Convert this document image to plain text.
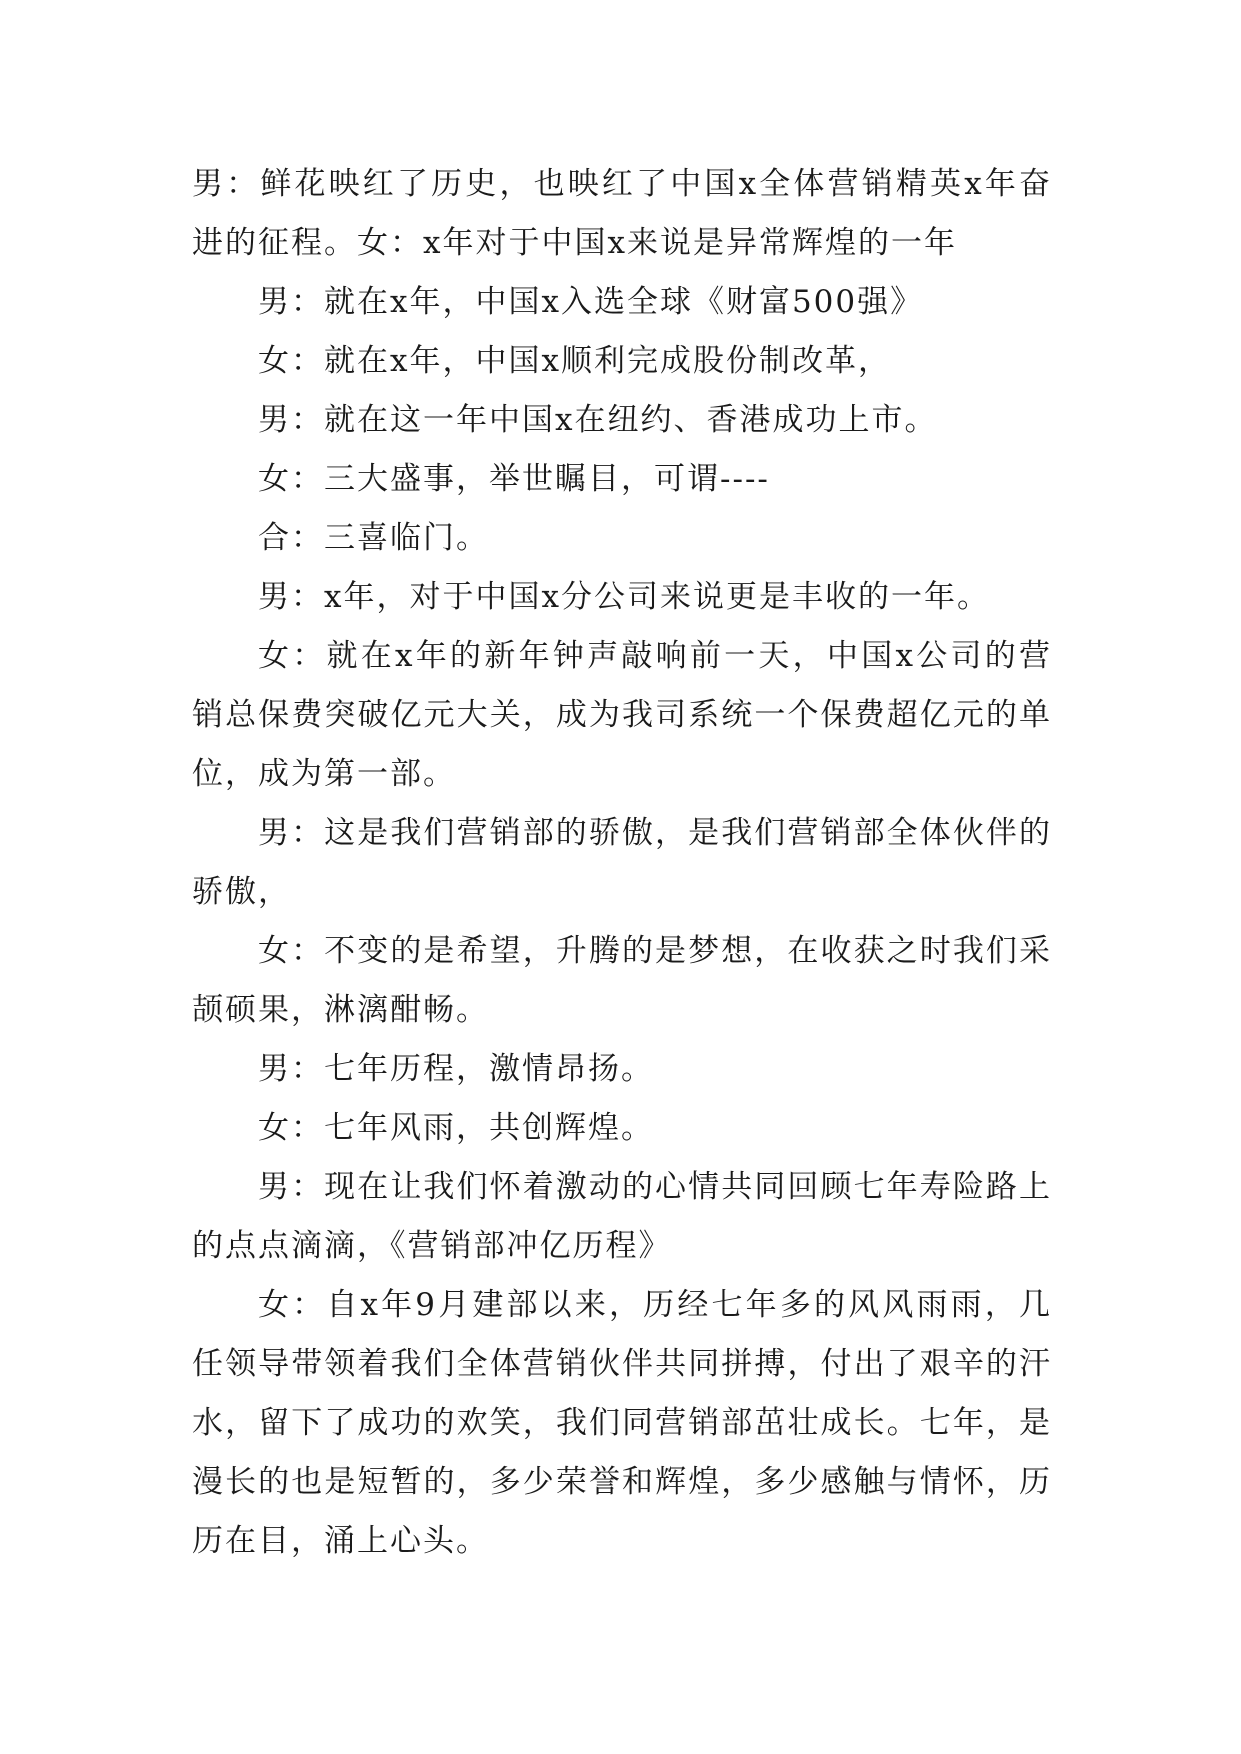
男：鲜花映红了历史，也映红了中国x全体营销精英x年奋进的征程。女：x年对于中国x来说是异常辉煌的一年

男：就在x年，中国x入选全球《财富500强》

女：就在x年，中国x顺利完成股份制改革，

男：就在这一年中国x在纽约、香港成功上市。

女：三大盛事，举世瞩目，可谓----

合：三喜临门。

男：x年，对于中国x分公司来说更是丰收的一年。

女：就在x年的新年钟声敲响前一天，中国x公司的营销总保费突破亿元大关，成为我司系统一个保费超亿元的单位，成为第一部。

男：这是我们营销部的骄傲，是我们营销部全体伙伴的骄傲，

女：不变的是希望，升腾的是梦想，在收获之时我们采颉硕果，淋漓酣畅。

男：七年历程，激情昂扬。

女：七年风雨，共创辉煌。

男：现在让我们怀着激动的心情共同回顾七年寿险路上的点点滴滴，《营销部冲亿历程》

女：自x年9月建部以来，历经七年多的风风雨雨，几任领导带领着我们全体营销伙伴共同拼搏，付出了艰辛的汗水，留下了成功的欢笑，我们同营销部茁壮成长。七年，是漫长的也是短暂的，多少荣誉和辉煌，多少感触与情怀，历历在目，涌上心头。
